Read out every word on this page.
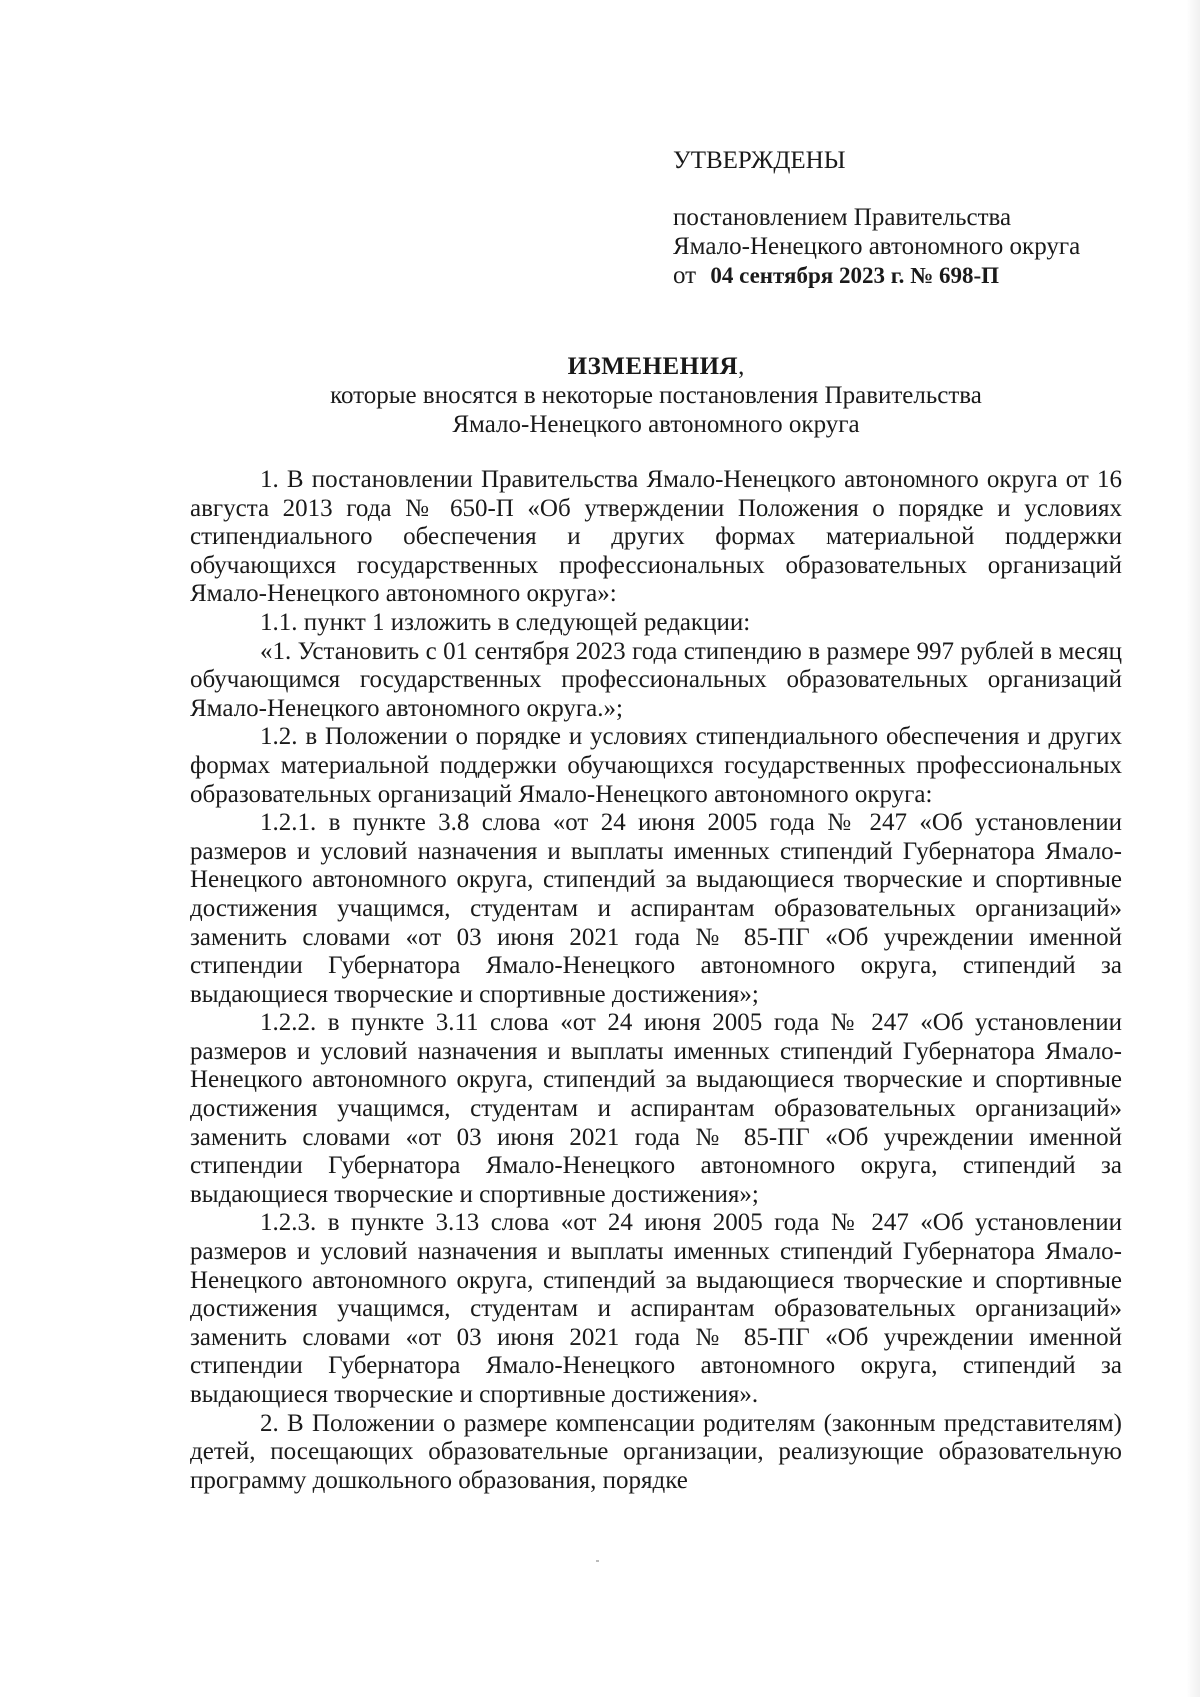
УТВЕРЖДЕНЫ
постановлением Правительства
Ямало-Ненецкого автономного округа
от 04 сентября 2023 г. № 698-П
ИЗМЕНЕНИЯ,
которые вносятся в некоторые постановления Правительства
Ямало-Ненецкого автономного округа

1. В постановлении Правительства Ямало-Ненецкого автономного округа от 16 августа 2013 года № 650-П «Об утверждении Положения о порядке и условиях стипендиального обеспечения и других формах материальной поддержки обучающихся государственных профессиональных образовательных организаций Ямало-Ненецкого автономного округа»:

1.1. пункт 1 изложить в следующей редакции:

«1. Установить с 01 сентября 2023 года стипендию в размере 997 рублей в месяц обучающимся государственных профессиональных образовательных организаций Ямало-Ненецкого автономного округа.»;

1.2. в Положении о порядке и условиях стипендиального обеспечения и других формах материальной поддержки обучающихся государственных профессиональных образовательных организаций Ямало-Ненецкого автономного округа:

1.2.1. в пункте 3.8 слова «от 24 июня 2005 года № 247 «Об установлении размеров и условий назначения и выплаты именных стипендий Губернатора Ямало-Ненецкого автономного округа, стипендий за выдающиеся творческие и спортивные достижения учащимся, студентам и аспирантам образовательных организаций» заменить словами «от 03 июня 2021 года № 85-ПГ «Об учреждении именной стипендии Губернатора Ямало-Ненецкого автономного округа, стипендий за выдающиеся творческие и спортивные достижения»;

1.2.2. в пункте 3.11 слова «от 24 июня 2005 года № 247 «Об установлении размеров и условий назначения и выплаты именных стипендий Губернатора Ямало-Ненецкого автономного округа, стипендий за выдающиеся творческие и спортивные достижения учащимся, студентам и аспирантам образовательных организаций» заменить словами «от 03 июня 2021 года № 85-ПГ «Об учреждении именной стипендии Губернатора Ямало-Ненецкого автономного округа, стипендий за выдающиеся творческие и спортивные достижения»;

1.2.3. в пункте 3.13 слова «от 24 июня 2005 года № 247 «Об установлении размеров и условий назначения и выплаты именных стипендий Губернатора Ямало-Ненецкого автономного округа, стипендий за выдающиеся творческие и спортивные достижения учащимся, студентам и аспирантам образовательных организаций» заменить словами «от 03 июня 2021 года № 85-ПГ «Об учреждении именной стипендии Губернатора Ямало-Ненецкого автономного округа, стипендий за выдающиеся творческие и спортивные достижения».

2. В Положении о размере компенсации родителям (законным представителям) детей, посещающих образовательные организации, реализующие образовательную программу дошкольного образования, порядке
